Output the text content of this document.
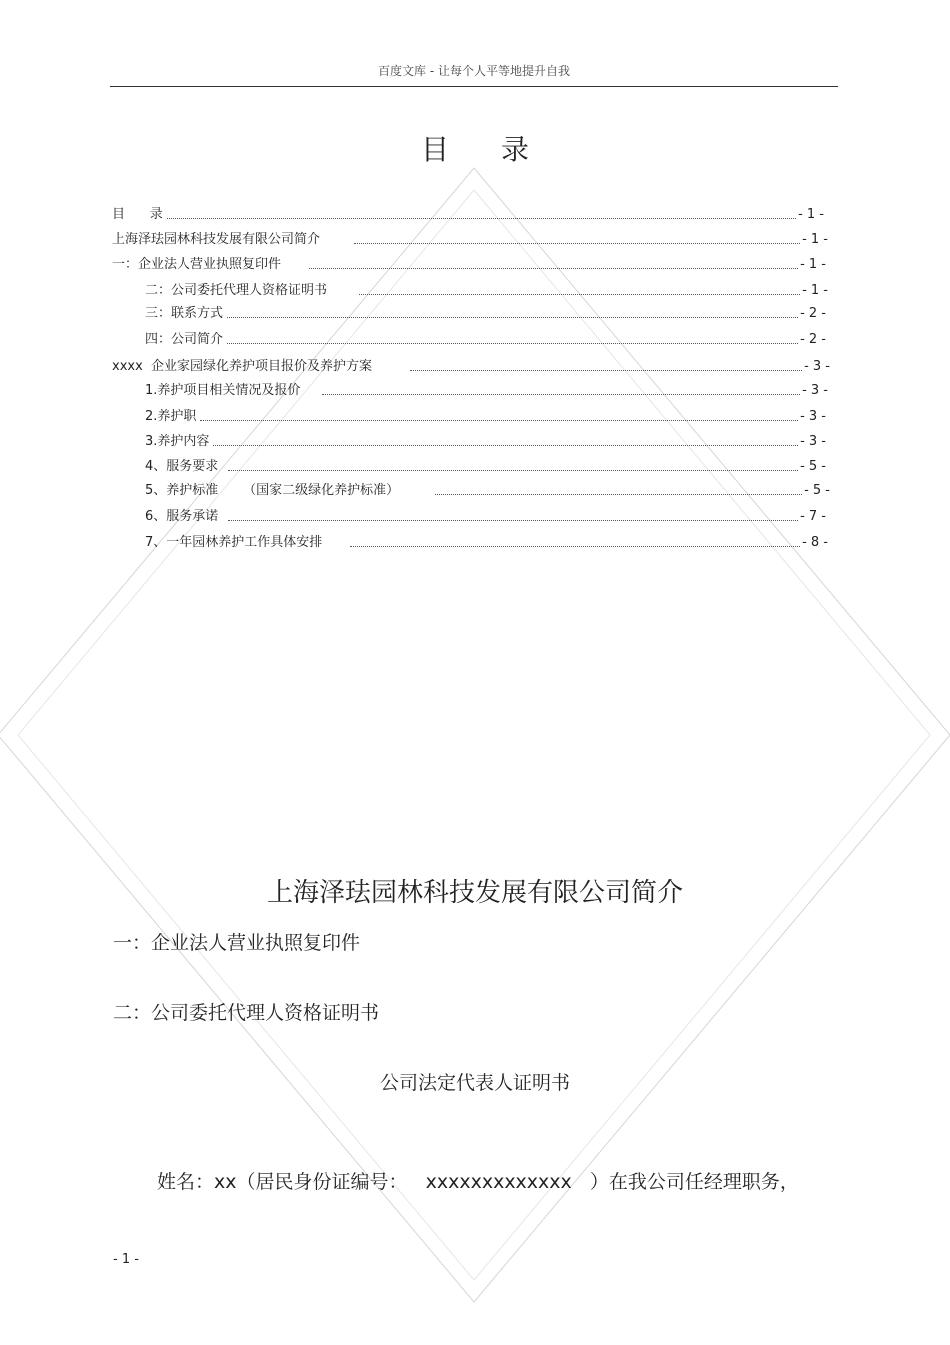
百度文库 - 让每个人平等地提升自我
目录
目      录	- 1 -
上海泽珐园林科技发展有限公司简介	- 1 -
一：企业法人营业执照复印件	- 1 -
二：公司委托代理人资格证明书	- 1 -
三：联系方式	- 2 -
四：公司简介	- 2 -
xxxx  企业家园绿化养护项目报价及养护方案	- 3 -
1.养护项目相关情况及报价	- 3 -
2.养护职	- 3 -
3.养护内容	- 3 -
4、服务要求	- 5 -
5、养护标准      （国家二级绿化养护标准）	- 5 -
6、服务承诺	- 7 -
7、一年园林养护工作具体安排	- 8 -
上海泽珐园林科技发展有限公司简介
一：企业法人营业执照复印件
二：公司委托代理人资格证明书
公司法定代表人证明书
姓名：xx（居民身份证编号：   xxxxxxxxxxxxx   ）在我公司任经理职务，
- 1 -
